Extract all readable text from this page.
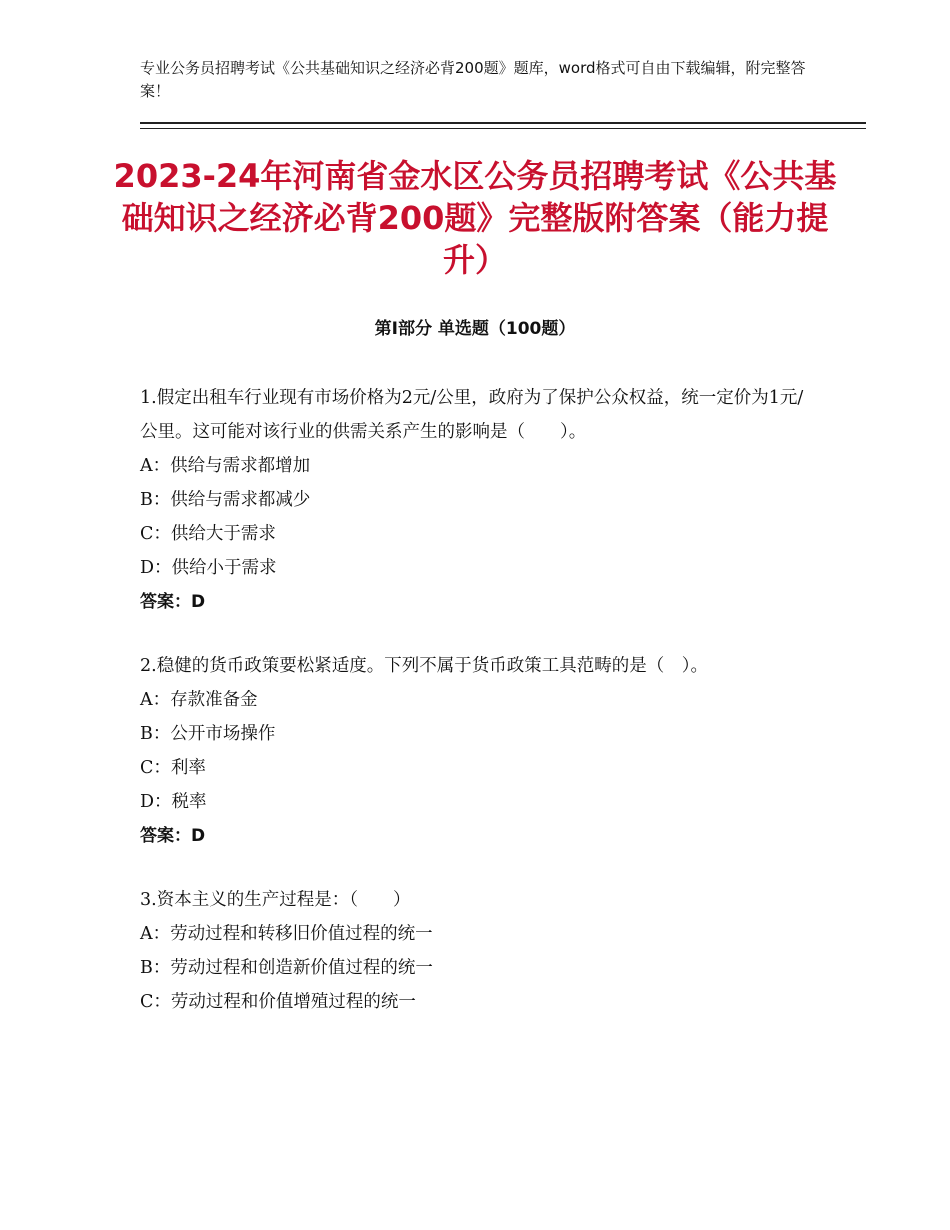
专业公务员招聘考试《公共基础知识之经济必背200题》题库，word格式可自由下载编辑，附完整答案！
2023-24年河南省金水区公务员招聘考试《公共基础知识之经济必背200题》完整版附答案（能力提升）
第Ⅰ部分 单选题（100题）
1.假定出租车行业现有市场价格为2元/公里，政府为了保护公众权益，统一定价为1元/公里。这可能对该行业的供需关系产生的影响是（　　）。
A：供给与需求都增加
B：供给与需求都减少
C：供给大于需求
D：供给小于需求
答案：D
2.稳健的货币政策要松紧适度。下列不属于货币政策工具范畴的是（　）。
A：存款准备金
B：公开市场操作
C：利率
D：税率
答案：D
3.资本主义的生产过程是：（　　）
A：劳动过程和转移旧价值过程的统一
B：劳动过程和创造新价值过程的统一
C：劳动过程和价值增殖过程的统一
